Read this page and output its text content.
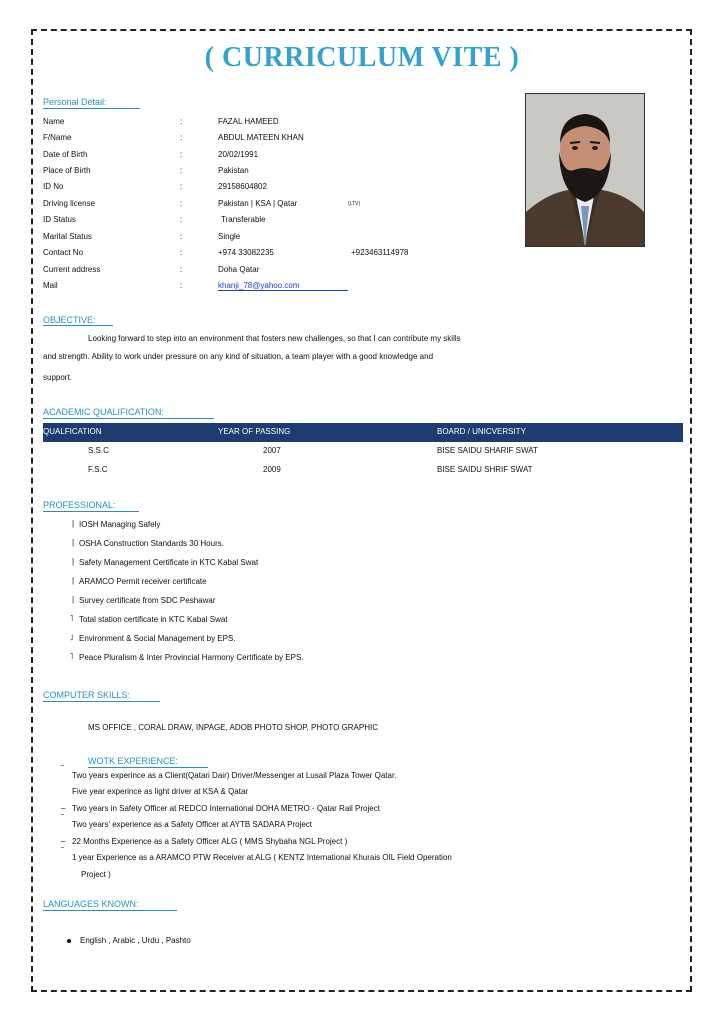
( CURRICULUM VITE )
Personal Detail:
Name	:	FAZAL HAMEED
F/Name	:	ABDUL MATEEN KHAN
Date of Birth	:	20/02/1991
Place of Birth	:	Pakistan
ID No	:	29158604802
Driving license	:	Pakistan | KSA | Qatar	(LTV)
ID Status	:	Transferable
Marital Status	:	Single
Contact No	:	+974 33082235	+923463114978
Current address	:	Doha Qatar
Mail	:	khanji_78@yahoo.com
OBJECTIVE:
Looking forward to step into an environment that fosters new challenges, so that I can contribute my skills
and strength. Ability to work under pressure on any kind of situation, a team player with a good knowledge and
support.
ACADEMIC QUALIFICATION:
QUALFICATION	YEAR OF PASSING	BOARD / UNICVERSITY
S.S.C	2007	BISE SAIDU SHARIF SWAT
F.S.C	2009	BISE SAIDU SHRIF SWAT
PROFESSIONAL:
| IOSH Managing Safely
| OSHA Construction Standards 30 Hours.
| Safety Management Certificate in KTC Kabal Swat
| ARAMCO Permit receiver certificate
| Survey certificate from SDC Peshawar
˥ Total station certificate in KTC Kabal Swat
˩ Environment & Social Management by EPS.
˥ Peace Pluralism & Inter Provincial Harmony Certificate by EPS.
COMPUTER SKILLS:
MS OFFICE , CORAL DRAW, INPAGE, ADOB PHOTO SHOP, PHOTO GRAPHIC
WOTK EXPERIENCE:
‾
Two years experince as a Client(Qatari Dair) Driver/Messenger at Lusail Plaza Tower Qatar.
Five year experince as light driver at KSA & Qatar
_ Two years in Safety Officer at REDCO International DOHA METRO - Qatar Rail Project
‾
Two years' experience as a Safety Officer at AYTB SADARA Project
_ 22 Months Experience as a Safety Officer ALG ( MMS Shybaha NGL Project )
‾
1 year Experience as a ARAMCO PTW Receiver at ALG ( KENTZ International Khurais OIL Field Operation
Project )
LANGUAGES KNOWN:
English , Arabic , Urdu , Pashto
